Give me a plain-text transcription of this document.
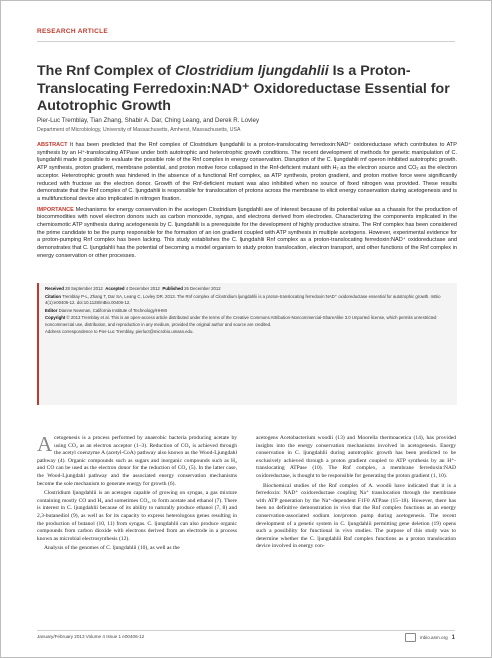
RESEARCH ARTICLE
The Rnf Complex of Clostridium ljungdahlii Is a Proton-Translocating Ferredoxin:NAD⁺ Oxidoreductase Essential for Autotrophic Growth
Pier-Luc Tremblay, Tian Zhang, Shabir A. Dar, Ching Leang, and Derek R. Lovley
Department of Microbiology, University of Massachusetts, Amherst, Massachusetts, USA

ABSTRACT It has been predicted that the Rnf complex of Clostridium ljungdahlii is a proton-translocating ferredoxin:NAD⁺ oxidoreductase which contributes to ATP synthesis by an H⁺-translocating ATPase under both autotrophic and heterotrophic growth conditions. The recent development of methods for genetic manipulation of C. ljungdahlii made it possible to evaluate the possible role of the Rnf complex in energy conservation. Disruption of the C. ljungdahlii rnf operon inhibited autotrophic growth. ATP synthesis, proton gradient, membrane potential, and proton motive force collapsed in the Rnf-deficient mutant with H₂ as the electron source and CO₂ as the electron acceptor. Heterotrophic growth was hindered in the absence of a functional Rnf complex, as ATP synthesis, proton gradient, and proton motive force were significantly reduced with fructose as the electron donor. Growth of the Rnf-deficient mutant was also inhibited when no source of fixed nitrogen was provided. These results demonstrate that the Rnf complex of C. ljungdahlii is responsible for translocation of protons across the membrane to elicit energy conservation during acetogenesis and is a multifunctional device also implicated in nitrogen fixation.

IMPORTANCE Mechanisms for energy conservation in the acetogen Clostridium ljungdahlii are of interest because of its potential value as a chassis for the production of biocommodities with novel electron donors such as carbon monoxide, syngas, and electrons derived from electrodes. Characterizing the components implicated in the chemiosmotic ATP synthesis during acetogenesis by C. ljungdahlii is a prerequisite for the development of highly productive strains. The Rnf complex has been considered the prime candidate to be the pump responsible for the formation of an ion gradient coupled with ATP synthesis in multiple acetogens. However, experimental evidence for a proton-pumping Rnf complex has been lacking. This study establishes the C. ljungdahlii Rnf complex as a proton-translocating ferredoxin:NAD⁺ oxidoreductase and demonstrates that C. ljungdahlii has the potential of becoming a model organism to study proton translocation, electron transport, and other functions of the Rnf complex in energy conservation or other processes.

Received 28 September 2012 Accepted 4 December 2012 Published 26 December 2012

Citation Tremblay P-L, Zhang T, Dar SA, Leang C, Lovley DR. 2013. The Rnf complex of Clostridium ljungdahlii is a proton-translocating ferredoxin:NAD⁺ oxidoreductase essential for autotrophic growth. mBio 4(1):e00406-12. doi:10.1128/mBio.00406-12.

Editor Dianne Newman, California Institute of Technology/HHMI

Copyright © 2013 Tremblay et al. This is an open-access article distributed under the terms of the Creative Commons Attribution-Noncommercial-ShareAlike 3.0 Unported license, which permits unrestricted noncommercial use, distribution, and reproduction in any medium, provided the original author and source are credited.

Address correspondence to Pier-Luc Tremblay, pierluct@microbio.umass.edu.

Acetogenesis is a process performed by anaerobic bacteria producing acetate by using CO₂ as an electron acceptor (1–3). Reduction of CO₂ is achieved through the acetyl coenzyme A (acetyl-CoA) pathway also known as the Wood-Ljungdahl pathway (4). Organic compounds such as sugars and inorganic compounds such as H₂ and CO can be used as the electron donor for the reduction of CO₂ (5). In the latter case, the Wood-Ljungdahl pathway and the associated energy conservation mechanisms become the sole mechanism to generate energy for growth (6).

Clostridium ljungdahlii is an acetogen capable of growing on syngas, a gas mixture containing mostly CO and H₂ and sometimes CO₂, to form acetate and ethanol (7). There is interest in C. ljungdahlii because of its ability to naturally produce ethanol (7, 8) and 2,3-butanediol (9), as well as for its capacity to express heterologous genes resulting in the production of butanol (10, 11) from syngas. C. ljungdahlii can also produce organic compounds from carbon dioxide with electrons derived from an electrode in a process known as microbial electrosynthesis (12).

Analysis of the genomes of C. ljungdahlii (10), as well as the

acetogens Acetobacterium woodii (13) and Moorella thermoacetica (14), has provided insights into the energy conservation mechanisms involved in acetogenesis. Energy conservation in C. ljungdahlii during autotrophic growth has been predicted to be exclusively achieved through a proton gradient coupled to ATP synthesis by an H⁺-translocating ATPase (10). The Rnf complex, a membrane ferredoxin:NAD oxidoreductase, is thought to be responsible for generating the proton gradient (1, 10).

Biochemical studies of the Rnf complex of A. woodii have indicated that it is a ferredoxin: NAD⁺ oxidoreductase coupling Na⁺ translocation through the membrane with ATP generation by the Na⁺-dependent F1F0 ATPase (15–18). However, there has been no definitive demonstration in vivo that the Rnf complex functions as an energy conservation-associated sodium ion/proton pump during acetogenesis. The recent development of a genetic system in C. ljungdahlii permitting gene deletion (19) opens such a possibility for functional in vivo studies. The purpose of this study was to determine whether the C. ljungdahlii Rnf complex functions as a proton translocation device involved in energy con-

January/February 2013 Volume 4 Issue 1 e00406-12	mbio.asm.org 1
